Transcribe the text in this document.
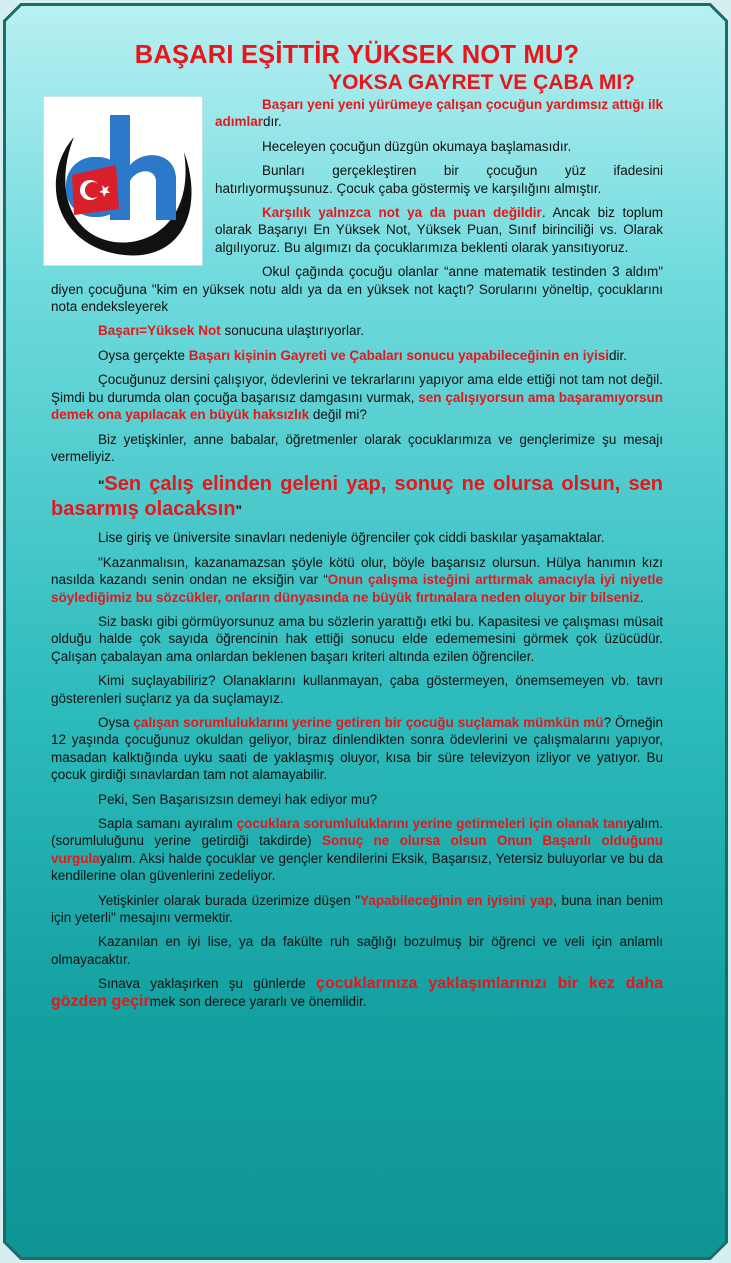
BAŞARI EŞİTTİR YÜKSEK NOT MU?
YOKSA GAYRET VE ÇABA MI?
dh

Başarı yeni yeni yürümeye çalışan çocuğun yardımsız attığı ilk adımlardır.

Heceleyen çocuğun düzgün okumaya başlamasıdır.

Bunları gerçekleştiren bir çocuğun yüz ifadesini hatırlıyormuşsunuz. Çocuk çaba göstermiş ve karşılığını almıştır.

Karşılık yalnızca not ya da puan değildir. Ancak biz toplum olarak Başarıyı En Yüksek Not, Yüksek Puan, Sınıf birinciliği vs. Olarak algılıyoruz. Bu algımızı da çocuklarımıza beklenti olarak yansıtıyoruz.

Okul çağında çocuğu olanlar “anne matematik testinden 3 aldım" diyen çocuğuna "kim en yüksek notu aldı ya da en yüksek not kaçtı? Sorularını yöneltip, çocuklarını nota endeksleyerek

Başarı=Yüksek Not sonucuna ulaştırıyorlar.

Oysa gerçekte Başarı kişinin Gayreti ve Çabaları sonucu yapabileceğinin en iyisidir.

Çocuğunuz dersini çalışıyor, ödevlerini ve tekrarlarını yapıyor ama elde ettiği not tam not değil. Şimdi bu durumda olan çocuğa başarısız damgasını vurmak, sen çalışıyorsun ama başaramıyorsun demek ona yapılacak en büyük haksızlık değil mi?

Biz yetişkinler, anne babalar, öğretmenler olarak çocuklarımıza ve gençlerimize şu mesajı vermeliyiz.

"Sen çalış elinden geleni yap, sonuç ne olursa olsun, sen basarmış olacaksın"

Lise giriş ve üniversite sınavları nedeniyle öğrenciler çok ciddi baskılar yaşamaktalar.

"Kazanmalısın, kazanamazsan şöyle kötü olur, böyle başarısız olursun. Hülya hanımın kızı nasılda kazandı senin ondan ne eksiğin var “Onun çalışma isteğini arttırmak amacıyla iyi niyetle söylediğimiz bu sözcükler, onların dünyasında ne büyük fırtınalara neden oluyor bir bilseniz.

Siz baskı gibi görmüyorsunuz ama bu sözlerin yarattığı etki bu. Kapasitesi ve çalışması müsait olduğu halde çok sayıda öğrencinin hak ettiği sonucu elde edememesini görmek çok üzücüdür. Çalışan çabalayan ama onlardan beklenen başarı kriteri altında ezilen öğrenciler.

Kimi suçlayabiliriz? Olanaklarını kullanmayan, çaba göstermeyen, önemsemeyen vb. tavrı gösterenleri suçlarız ya da suçlamayız.

Oysa çalışan sorumluluklarını yerine getiren bir çocuğu suçlamak mümkün mü? Örneğin 12 yaşında çocuğunuz okuldan geliyor, biraz dinlendikten sonra ödevlerini ve çalışmalarını yapıyor, masadan kalktığında uyku saati de yaklaşmış oluyor, kısa bir süre televizyon izliyor ve yatıyor. Bu çocuk girdiği sınavlardan tam not alamayabilir.

Peki, Sen Başarısızsın demeyi hak ediyor mu?

Sapla samanı ayıralım çocuklara sorumluluklarını yerine getirmeleri için olanak tanıyalım.(sorumluluğunu yerine getirdiği takdirde) Sonuç ne olursa olsun Onun Başarılı olduğunu vurgulayalım. Aksi halde çocuklar ve gençler kendilerini Eksik, Başarısız, Yetersiz buluyorlar ve bu da kendilerine olan güvenlerini zedeliyor.

Yetişkinler olarak burada üzerimize düşen "Yapabileceğinin en iyisini yap, buna inan benim için yeterli" mesajını vermektir.

Kazanılan en iyi lise, ya da fakülte ruh sağlığı bozulmuş bir öğrenci ve veli için anlamlı olmayacaktır.

Sınava yaklaşırken şu günlerde çocuklarınıza yaklaşımlarınızı bir kez daha gözden geçirmek son derece yararlı ve önemlidir.
